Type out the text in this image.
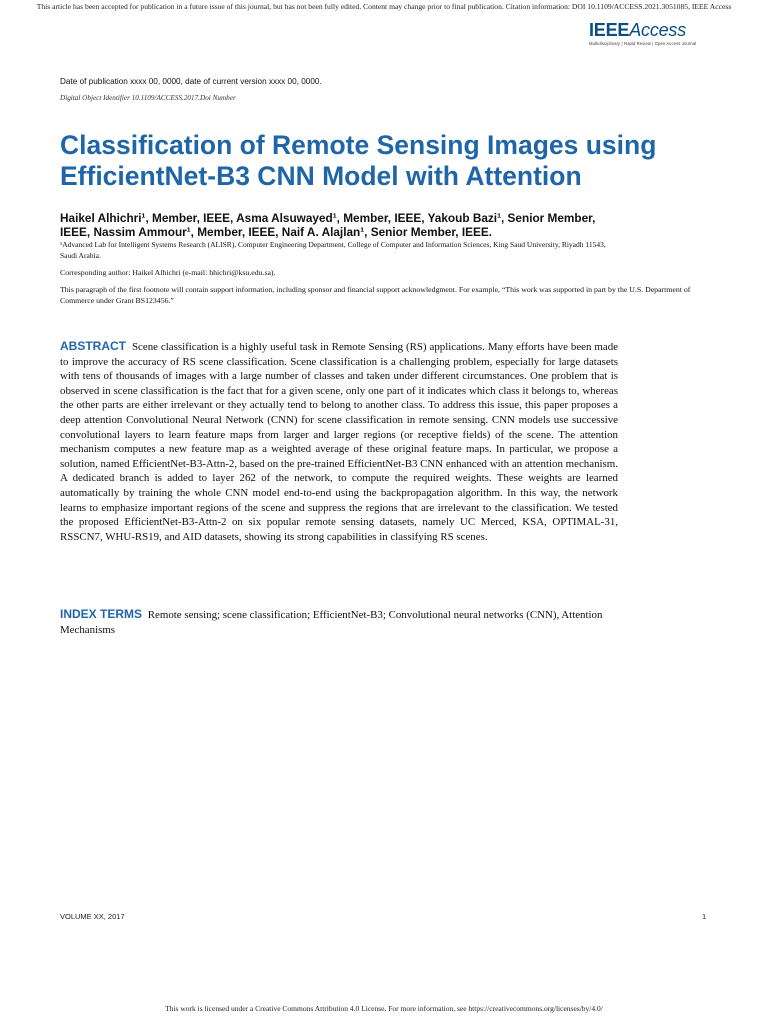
This article has been accepted for publication in a future issue of this journal, but has not been fully edited. Content may change prior to final publication. Citation information: DOI 10.1109/ACCESS.2021.3051085, IEEE Access
IEEEAccess
Multidisciplinary | Rapid Review | Open Access Journal
Date of publication xxxx 00, 0000, date of current version xxxx 00, 0000.
Digital Object Identifier 10.1109/ACCESS.2017.Doi Number
Classification of Remote Sensing Images using EfficientNet-B3 CNN Model with Attention
Haikel Alhichri¹, Member, IEEE, Asma Alsuwayed¹, Member, IEEE, Yakoub Bazi¹, Senior Member, IEEE, Nassim Ammour¹, Member, IEEE, Naif A. Alajlan¹, Senior Member, IEEE.
¹Advanced Lab for Intelligent Systems Research (ALISR), Computer Engineering Department, College of Computer and Information Sciences, King Saud University, Riyadh 11543, Saudi Arabia.
Corresponding author: Haikel Alhichri (e-mail: hhichri@ksu.edu.sa).
This paragraph of the first footnote will contain support information, including sponsor and financial support acknowledgment. For example, “This work was supported in part by the U.S. Department of Commerce under Grant BS123456.”
ABSTRACT Scene classification is a highly useful task in Remote Sensing (RS) applications. Many efforts have been made to improve the accuracy of RS scene classification. Scene classification is a challenging problem, especially for large datasets with tens of thousands of images with a large number of classes and taken under different circumstances. One problem that is observed in scene classification is the fact that for a given scene, only one part of it indicates which class it belongs to, whereas the other parts are either irrelevant or they actually tend to belong to another class. To address this issue, this paper proposes a deep attention Convolutional Neural Network (CNN) for scene classification in remote sensing. CNN models use successive convolutional layers to learn feature maps from larger and larger regions (or receptive fields) of the scene. The attention mechanism computes a new feature map as a weighted average of these original feature maps. In particular, we propose a solution, named EfficientNet-B3-Attn-2, based on the pre-trained EfficientNet-B3 CNN enhanced with an attention mechanism. A dedicated branch is added to layer 262 of the network, to compute the required weights. These weights are learned automatically by training the whole CNN model end-to-end using the backpropagation algorithm. In this way, the network learns to emphasize important regions of the scene and suppress the regions that are irrelevant to the classification. We tested the proposed EfficientNet-B3-Attn-2 on six popular remote sensing datasets, namely UC Merced, KSA, OPTIMAL-31, RSSCN7, WHU-RS19, and AID datasets, showing its strong capabilities in classifying RS scenes.
INDEX TERMS Remote sensing; scene classification; EfficientNet-B3; Convolutional neural networks (CNN), Attention Mechanisms
VOLUME XX, 2017	1
This work is licensed under a Creative Commons Attribution 4.0 License. For more information, see https://creativecommons.org/licenses/by/4.0/
